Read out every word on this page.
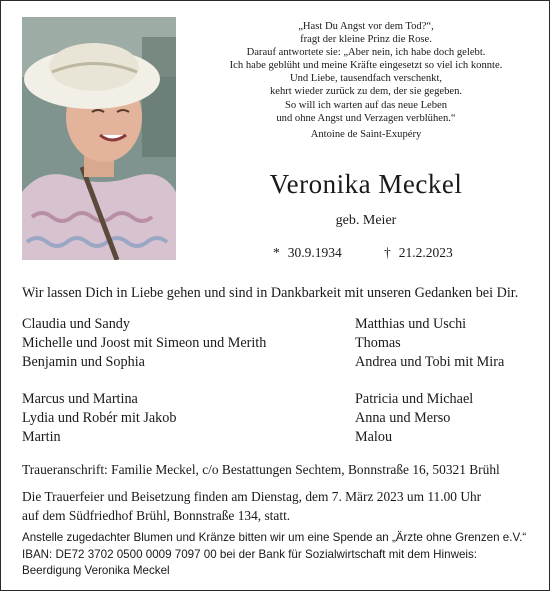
„Hast Du Angst vor dem Tod?“,
fragt der kleine Prinz die Rose.
Darauf antwortete sie: „Aber nein, ich habe doch gelebt.
Ich habe geblüht und meine Kräfte eingesetzt so viel ich konnte.
Und Liebe, tausendfach verschenkt,
kehrt wieder zurück zu dem, der sie gegeben.
So will ich warten auf das neue Leben
und ohne Angst und Verzagen verblühen.“
Antoine de Saint-Exupéry
Veronika Meckel
geb. Meier
* 30.9.1934	† 21.2.2023
Wir lassen Dich in Liebe gehen und sind in Dankbarkeit mit unseren Gedanken bei Dir.
Claudia und Sandy
Michelle und Joost mit Simeon und Merith
Benjamin und Sophia
Matthias und Uschi
Thomas
Andrea und Tobi mit Mira
Marcus und Martina
Lydia und Robér mit Jakob
Martin
Patricia und Michael
Anna und Merso
Malou
Traueranschrift: Familie Meckel, c/o Bestattungen Sechtem, Bonnstraße 16, 50321 Brühl
Die Trauerfeier und Beisetzung finden am Dienstag, dem 7. März 2023 um 11.00 Uhr
auf dem Südfriedhof Brühl, Bonnstraße 134, statt.
Anstelle zugedachter Blumen und Kränze bitten wir um eine Spende an „Ärzte ohne Grenzen e.V.“
IBAN: DE72 3702 0500 0009 7097 00 bei der Bank für Sozialwirtschaft mit dem Hinweis:
Beerdigung Veronika Meckel
